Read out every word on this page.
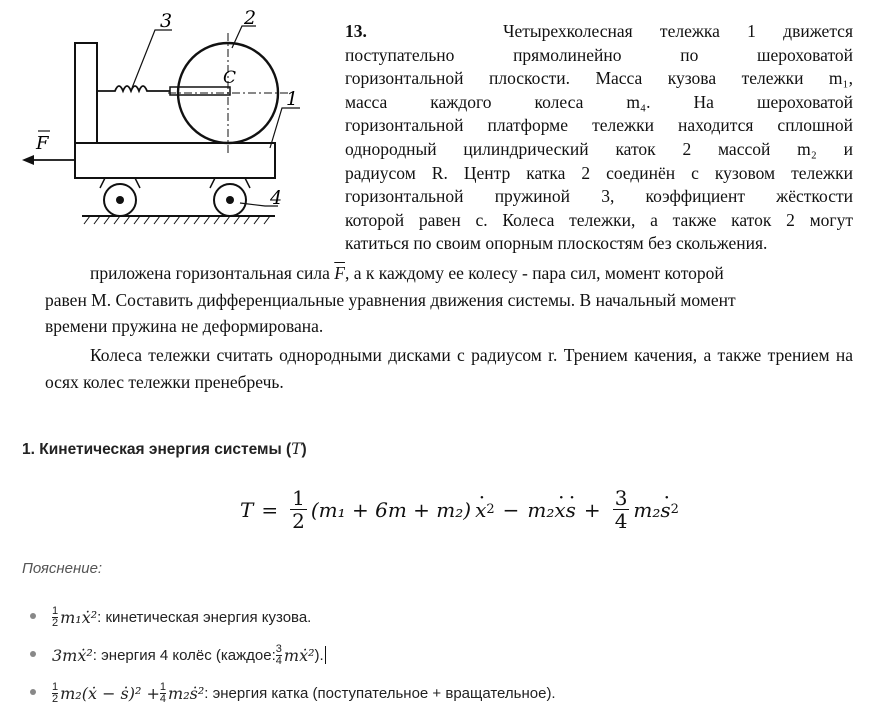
F
3	2
C
1
4
13.	Четырехколесная тележка 1 движется
поступательно прямолинейно по шероховатой
горизонтальной плоскости. Масса кузова тележки m₁,
масса каждого колеса m₄. На шероховатой
горизонтальной платформе тележки находится сплошной
однородный цилиндрический каток 2 массой m₂ и
радиусом R. Центр катка 2 соединён с кузовом тележки
горизонтальной пружиной 3, коэффициент жёсткости
которой равен c. Колеса тележки, а также каток 2 могут
катиться по своим опорным плоскостям без скольжения.
приложена горизонтальная сила $\overline{F}$, а к каждому ее колесу - пара сил, момент которой
равен M. Составить дифференциальные уравнения движения системы. В начальный момент
времени пружина не деформирована.
Колеса тележки считать однородными дисками с радиусом r. Трением качения, а также трением на осях колес тележки пренебречь.
1. Кинетическая энергия системы (T)
$T = \frac{1}{2} (m_1 + 6m + m_2) x \cdot 2 - m_2$ x · s · + $\frac{3}{4} m_2$ s · 2
Пояснение:
1
2 m₁ẋ² : кинетическая энергия кузова.
3mẋ² : энергия 4 колёс (каждое: 3
4 mẋ² ).
1
2 m₂(ẋ − ṡ)² + $\frac{1}{4}$ m₂ṡ² : энергия катка (поступательное + вращательное).
